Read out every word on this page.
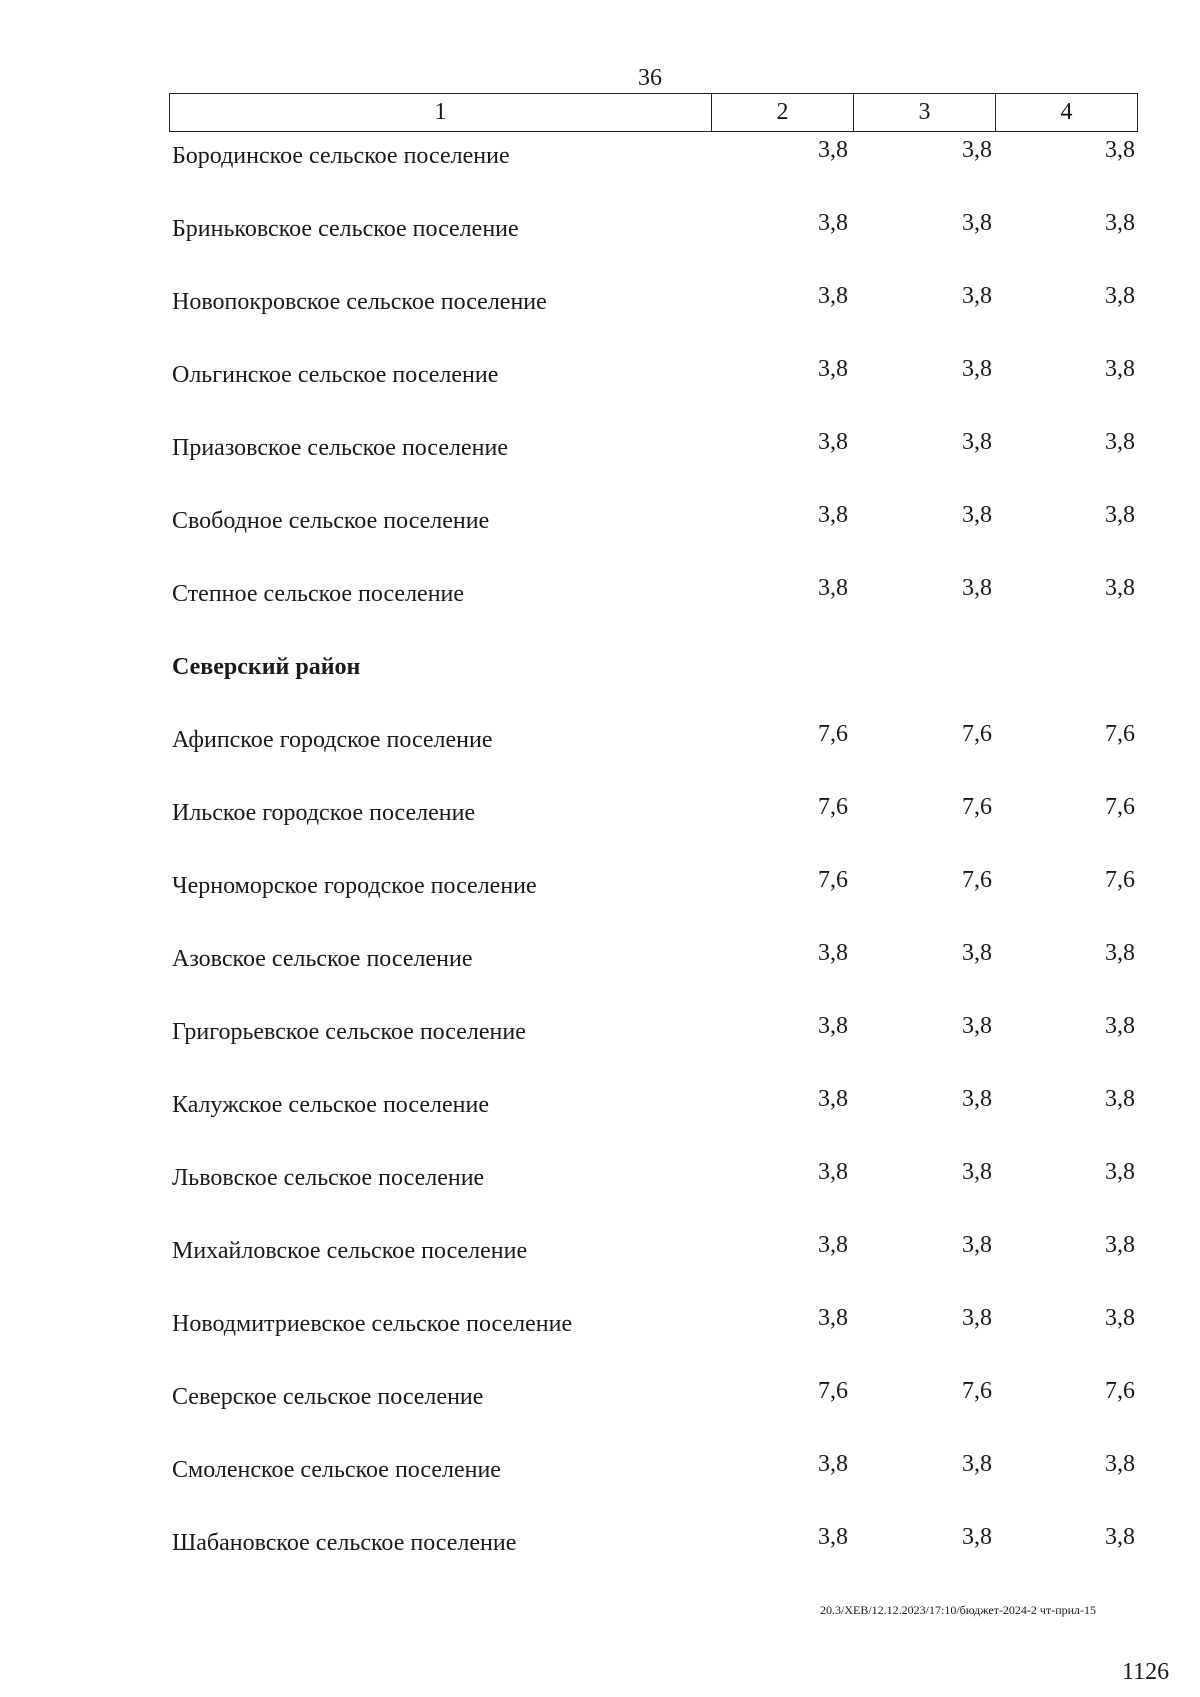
36
1	2	3	4
Бородинское сельское поселение	3,8	3,8	3,8
Бриньковское сельское поселение	3,8	3,8	3,8
Новопокровское сельское поселение	3,8	3,8	3,8
Ольгинское сельское поселение	3,8	3,8	3,8
Приазовское сельское поселение	3,8	3,8	3,8
Свободное сельское поселение	3,8	3,8	3,8
Степное сельское поселение	3,8	3,8	3,8
Северский район
Афипское городское поселение	7,6	7,6	7,6
Ильское городское поселение	7,6	7,6	7,6
Черноморское городское поселение	7,6	7,6	7,6
Азовское сельское поселение	3,8	3,8	3,8
Григорьевское сельское поселение	3,8	3,8	3,8
Калужское сельское поселение	3,8	3,8	3,8
Львовское сельское поселение	3,8	3,8	3,8
Михайловское сельское поселение	3,8	3,8	3,8
Новодмитриевское сельское поселение	3,8	3,8	3,8
Северское сельское поселение	7,6	7,6	7,6
Смоленское сельское поселение	3,8	3,8	3,8
Шабановское сельское поселение	3,8	3,8	3,8
20.3/ХЕВ/12.12.2023/17:10/бюджет-2024-2 чт-прил-15
1126
